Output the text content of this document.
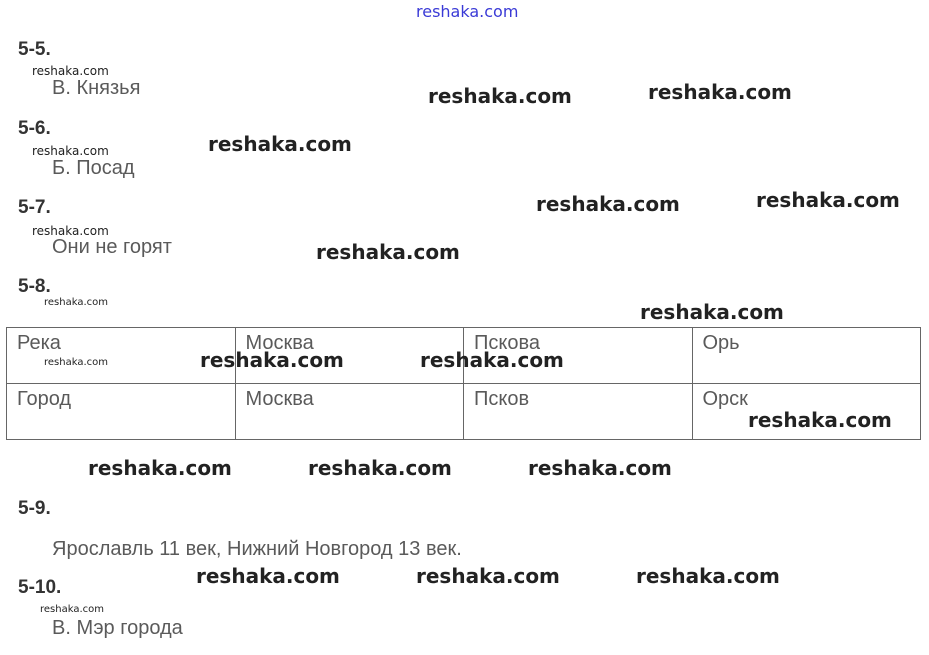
reshaka.com
5-5.
reshaka.com
В. Князья	reshaka.com	reshaka.com
5-6.
reshaka.com
reshaka.com
Б. Посад
5-7.	reshaka.com	reshaka.com
reshaka.com
Они не горят	reshaka.com
5-8.
reshaka.com	reshaka.com
Река	Москва	Пскова	Орь
Город	Москва	Псков	Орск
reshaka.com	reshaka.com	reshaka.com
reshaka.com
reshaka.com	reshaka.com	reshaka.com
5-9.
Ярославль 11 век, Нижний Новгород 13 век.
5-10.	reshaka.com	reshaka.com	reshaka.com
reshaka.com
В. Мэр города
